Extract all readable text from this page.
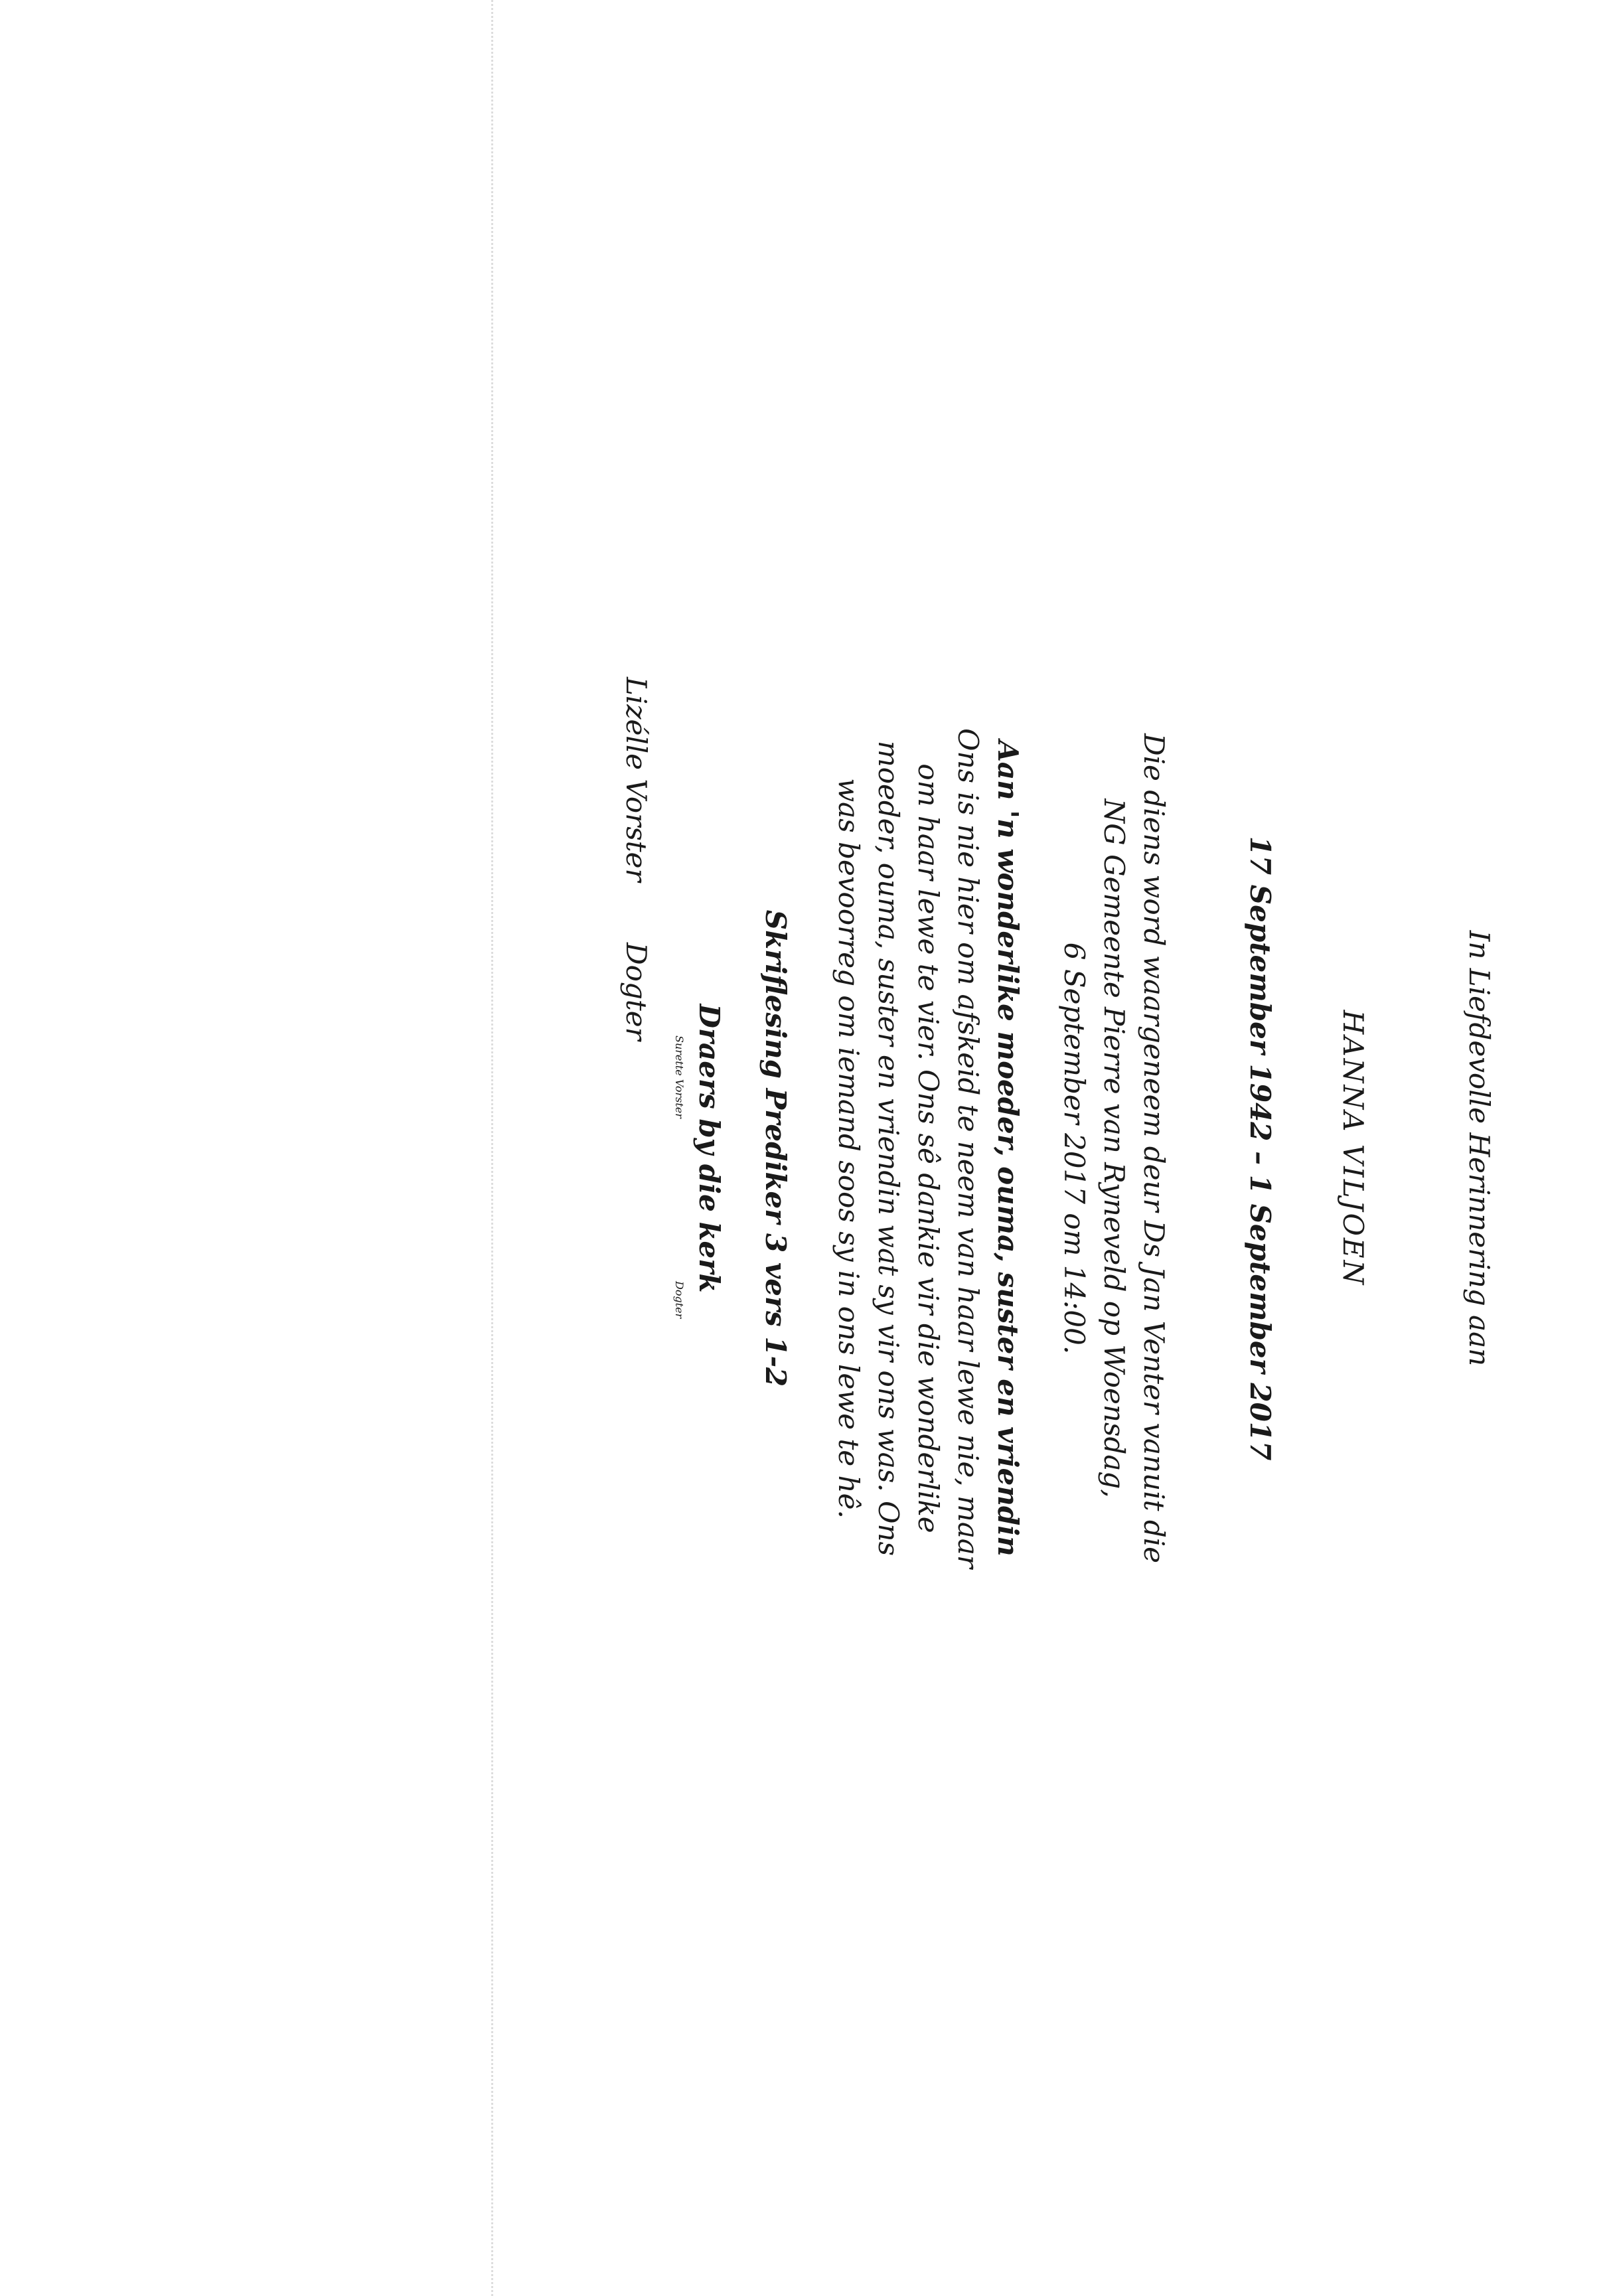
In Liefdevolle Herinnering aan
HANNA VILJOEN
17 September 1942 – 1 September 2017
Die diens word waargeneem deur Ds Jan Venter vanuit die
NG Gemeente Pierre van Ryneveld op Woensdag,
6 September 2017 om 14:00.
Aan 'n wonderlike moeder, ouma, suster en vriendin
Ons is nie hier om afskeid te neem van haar lewe nie, maar
om haar lewe te vier. Ons sê dankie vir die wonderlike
moeder, ouma, suster en vriendin wat sy vir ons was. Ons
was bevoorreg om iemand soos sy in ons lewe te hê.
Skriflesing Prediker 3 vers 1-2
Draers by die kerk
Surette Vorster
Dogter
Lizélle Vorster
Dogter
